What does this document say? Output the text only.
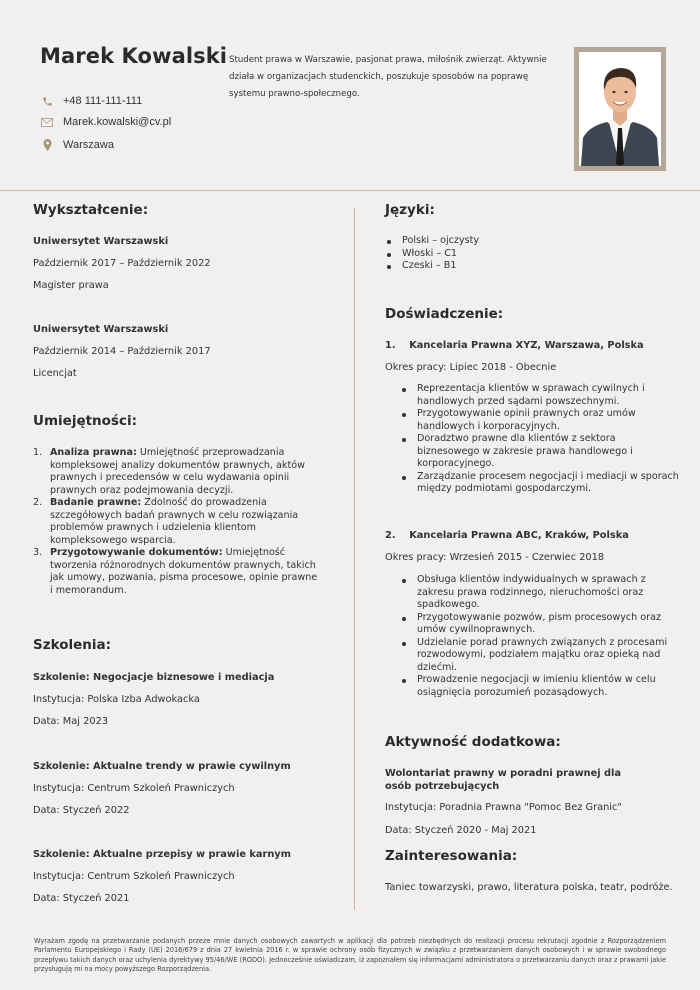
Marek Kowalski
+48 111-111-111
Marek.kowalski@cv.pl
Warszawa
Student prawa w Warszawie, pasjonat prawa, miłośnik zwierząt. Aktywnie działa w organizacjach studenckich, poszukuje sposobów na poprawę systemu prawno-społecznego.
Wykształcenie:
Uniwersytet Warszawski
Październik 2017 – Październik 2022
Magister prawa
Uniwersytet Warszawski
Październik 2014 – Październik 2017
Licencjat
Umiejętności:
1. Analiza prawna: Umiejętność przeprowadzania kompleksowej analizy dokumentów prawnych, aktów prawnych i precedensów w celu wydawania opinii prawnych oraz podejmowania decyzji.
2. Badanie prawne: Zdolność do prowadzenia szczegółowych badań prawnych w celu rozwiązania problemów prawnych i udzielenia klientom kompleksowego wsparcia.
3. Przygotowywanie dokumentów: Umiejętność tworzenia różnorodnych dokumentów prawnych, takich jak umowy, pozwania, pisma procesowe, opinie prawne i memorandum.
Szkolenia:
Szkolenie: Negocjacje biznesowe i mediacja
Instytucja: Polska Izba Adwokacka
Data: Maj 2023
Szkolenie: Aktualne trendy w prawie cywilnym
Instytucja: Centrum Szkoleń Prawniczych
Data: Styczeń 2022
Szkolenie: Aktualne przepisy w prawie karnym
Instytucja: Centrum Szkoleń Prawniczych
Data: Styczeń 2021
Języki:
Polski – ojczysty
Włoski – C1
Czeski – B1
Doświadczenie:
1. Kancelaria Prawna XYZ, Warszawa, Polska
Okres pracy: Lipiec 2018 - Obecnie
Reprezentacja klientów w sprawach cywilnych i handlowych przed sądami powszechnymi.
Przygotowywanie opinii prawnych oraz umów handlowych i korporacyjnych.
Doradztwo prawne dla klientów z sektora biznesowego w zakresie prawa handlowego i korporacyjnego.
Zarządzanie procesem negocjacji i mediacji w sporach między podmiotami gospodarczymi.
2. Kancelaria Prawna ABC, Kraków, Polska
Okres pracy: Wrzesień 2015 - Czerwiec 2018
Obsługa klientów indywidualnych w sprawach z zakresu prawa rodzinnego, nieruchomości oraz spadkowego.
Przygotowywanie pozwów, pism procesowych oraz umów cywilnoprawnych.
Udzielanie porad prawnych związanych z procesami rozwodowymi, podziałem majątku oraz opieką nad dziećmi.
Prowadzenie negocjacji w imieniu klientów w celu osiągnięcia porozumień pozasądowych.
Aktywność dodatkowa:
Wolontariat prawny w poradni prawnej dla osób potrzebujących
Instytucja: Poradnia Prawna "Pomoc Bez Granic"
Data: Styczeń 2020 - Maj 2021
Zainteresowania:
Taniec towarzyski, prawo, literatura polska, teatr, podróże.
Wyrażam zgodę na przetwarzanie podanych przeze mnie danych osobowych zawartych w aplikacji dla potrzeb niezbędnych do realizacji procesu rekrutacji zgodnie z Rozporządzeniem Parlamentu Europejskiego i Rady (UE) 2016/679 z dnia 27 kwietnia 2016 r. w sprawie ochrony osób fizycznych w związku z przetwarzaniem danych osobowych i w sprawie swobodnego przepływu takich danych oraz uchylenia dyrektywy 95/46/WE (RODO). Jednocześnie oświadczam, iż zapoznałem się informacjami administratora o przetwarzaniu danych oraz z prawami jakie przysługują mi na mocy powyższego Rozporządzenia.
